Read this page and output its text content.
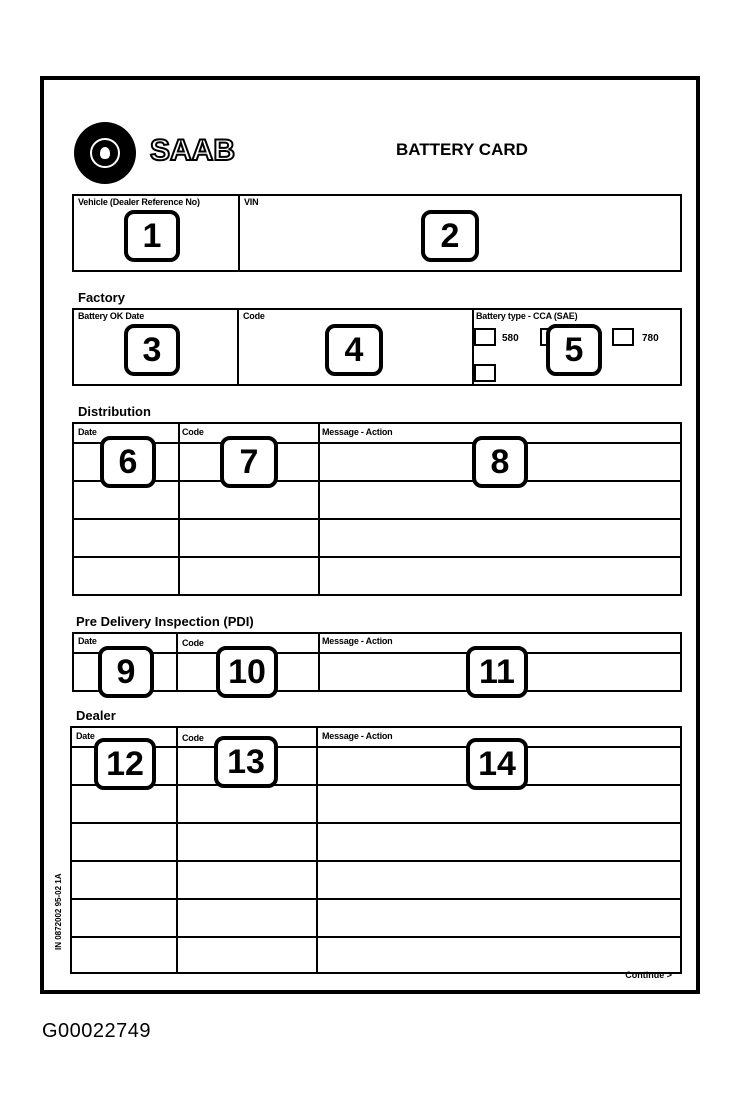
SAAB	BATTERY CARD
Vehicle (Dealer Reference No)	VIN
1	2
Factory
Battery OK Date	Code	Battery type - CCA (SAE)
580	780
3	4	5
Distribution
Date	Code	Message - Action
6	7	8
Pre Delivery Inspection (PDI)
Date	Code	Message - Action
9	10	11
Dealer
Date	Code	Message - Action
12	13	14
IN 0872002 95-02 1A
Continue >
G00022749
